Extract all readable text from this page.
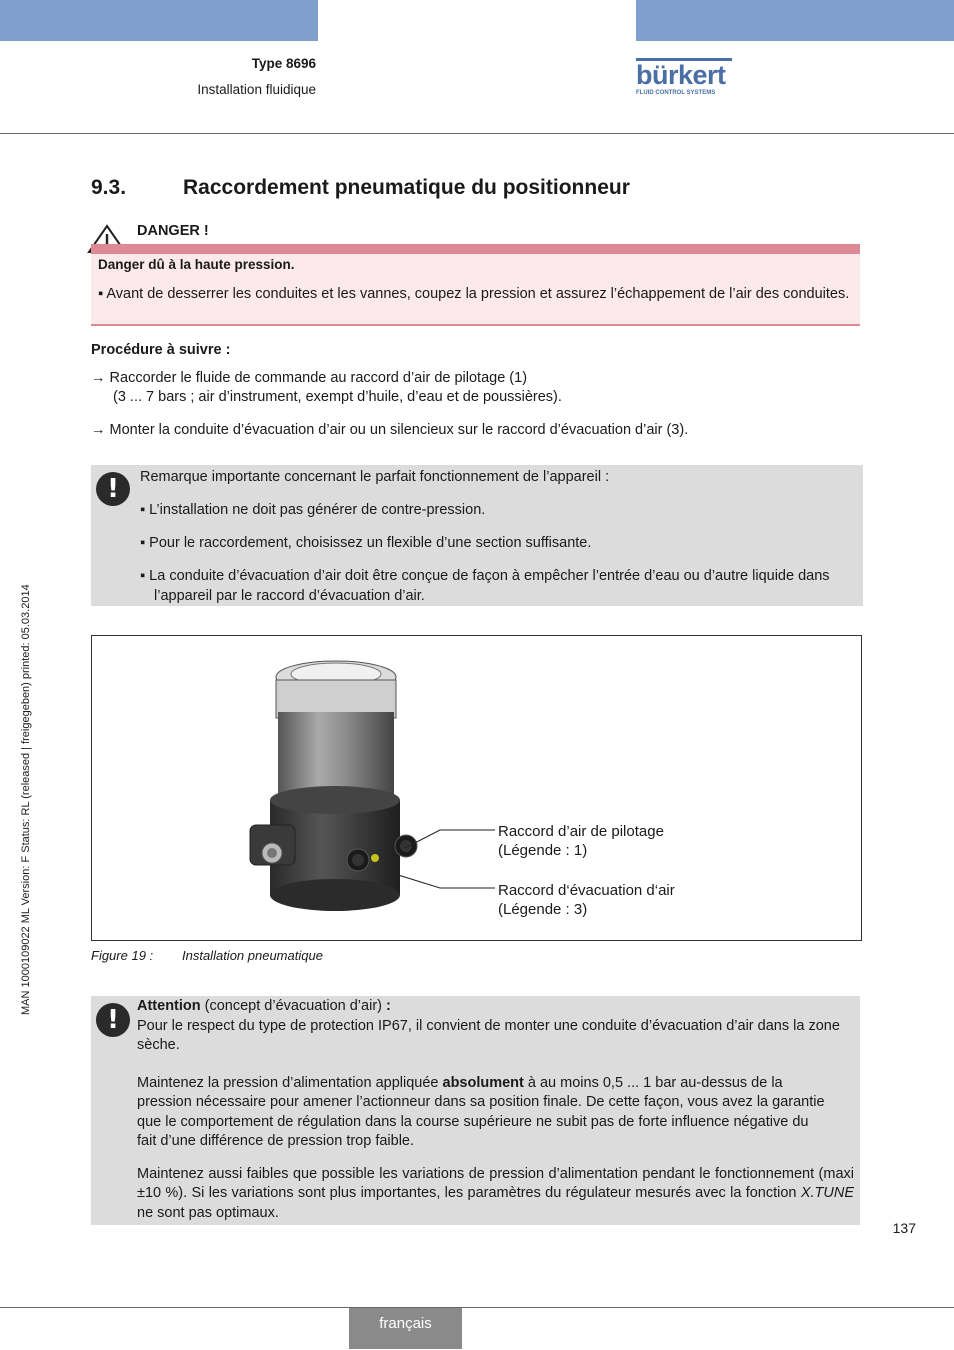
Type 8696
Installation fluidique	bürkert
FLUID CONTROL SYSTEMS
9.3.	Raccordement pneumatique du positionneur
DANGER !
Danger dû à la haute pression.
▪ Avant de desserrer les conduites et les vannes, coupez la pression et assurez l’échappement de l’air des conduites.
Procédure à suivre :
→ Raccorder le fluide de commande au raccord d’air de pilotage (1)
(3 ... 7 bars ; air d’instrument, exempt d’huile, d’eau et de poussières).
→ Monter la conduite d’évacuation d’air ou un silencieux sur le raccord d’évacuation d’air (3).
!	Remarque importante concernant le parfait fonctionnement de l’appareil :
▪ L’installation ne doit pas générer de contre-pression.
▪ Pour le raccordement, choisissez un flexible d’une section suffisante.
▪ La conduite d’évacuation d’air doit être conçue de façon à empêcher l’entrée d’eau ou d’autre liquide dans l’appareil par le raccord d’évacuation d’air.
Raccord d’air de pilotage
(Légende : 1)
Raccord d‘évacuation d‘air
(Légende : 3)
Figure 19 : Installation pneumatique
!	Attention (concept d’évacuation d’air) :
Pour le respect du type de protection IP67, il convient de monter une conduite d’évacuation d’air dans la zone sèche.
Maintenez la pression d’alimentation appliquée absolument à au moins 0,5 ... 1 bar au-dessus de la pression nécessaire pour amener l’actionneur dans sa position finale. De cette façon, vous avez la garantie que le comportement de régulation dans la course supérieure ne subit pas de forte influence négative du fait d’une différence de pression trop faible.
Maintenez aussi faibles que possible les variations de pression d’alimentation pendant le fonctionnement (maxi ±10 %). Si les variations sont plus importantes, les paramètres du régulateur mesurés avec la fonction X.TUNE ne sont pas optimaux.
137
français
MAN 1000109022 ML Version: F Status: RL (released | freigegeben) printed: 05.03.2014
